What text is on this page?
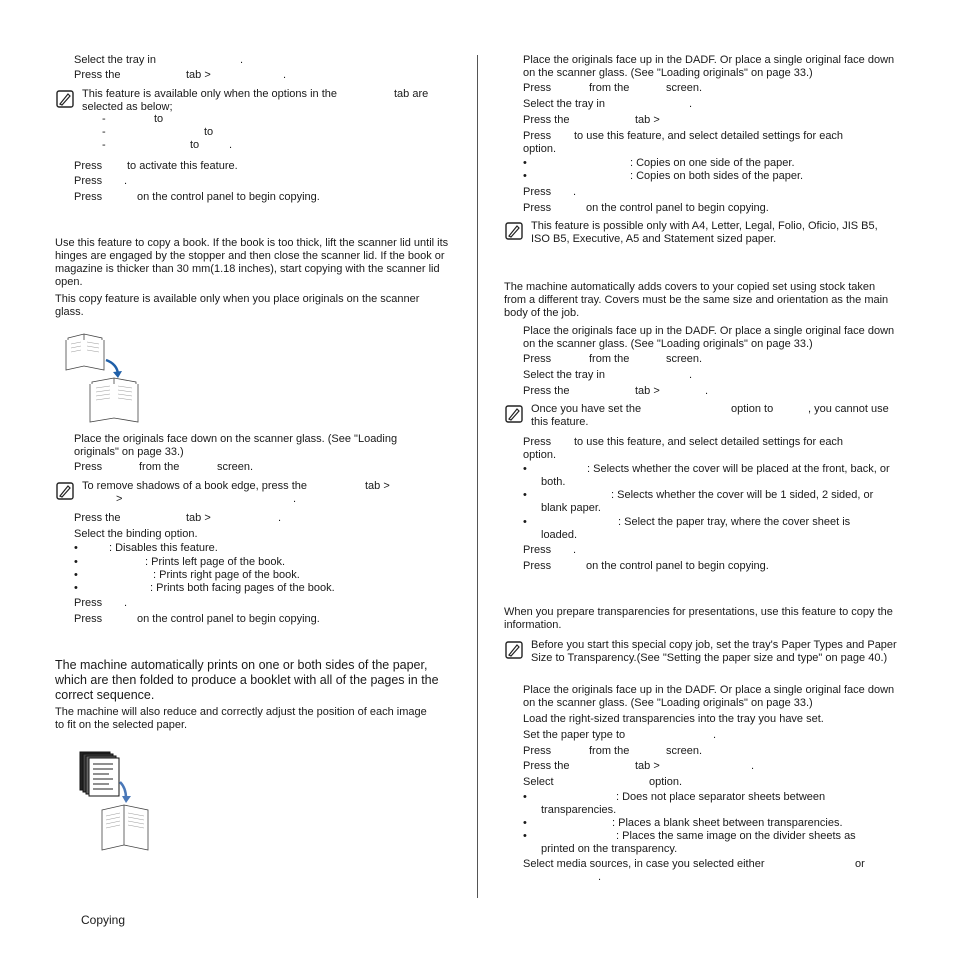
Select the tray in	.
Press the	tab >	.
This feature is available only when the options in the	tab are
selected as below;
-	to
-	to
-	to	.
Press to activate this feature.
Press .
Press	on the control panel to begin copying.
Use this feature to copy a book. If the book is too thick, lift the scanner lid until its hinges are engaged by the stopper and then close the scanner lid. If the book or magazine is thicker than 30 mm(1.18 inches), start copying with the scanner lid open.
This copy feature is available only when you place originals on the scanner glass.
Place the originals face down on the scanner glass. (See "Loading originals" on page 33.)
Press	from the	screen.
To remove shadows of a book edge, press the	tab >
>	.
Press the	tab >	.
Select the binding option.
•	: Disables this feature.
•	: Prints left page of the book.
•	: Prints right page of the book.
•	: Prints both facing pages of the book.
Press .
Press	on the control panel to begin copying.
The machine automatically prints on one or both sides of the paper, which are then folded to produce a booklet with all of the pages in the correct sequence.
The machine will also reduce and correctly adjust the position of each image to fit on the selected paper.
Place the originals face up in the DADF. Or place a single original face down on the scanner glass. (See "Loading originals" on page 33.)
Press	from the	screen.
Select the tray in	.
Press the	tab >
Press	to use this feature, and select detailed settings for each option.
•	: Copies on one side of the paper.
•	: Copies on both sides of the paper.
Press .
Press	on the control panel to begin copying.
This feature is possible only with A4, Letter, Legal, Folio, Oficio, JIS B5, ISO B5, Executive, A5 and Statement sized paper.
The machine automatically adds covers to your copied set using stock taken from a different tray. Covers must be the same size and orientation as the main body of the job.
Place the originals face up in the DADF. Or place a single original face down on the scanner glass. (See "Loading originals" on page 33.)
Press	from the	screen.
Select the tray in	.
Press the	tab >	.
Once you have set the	option to	, you cannot use
this feature.
Press	to use this feature, and select detailed settings for each option.
•	: Selects whether the cover will be placed at the front, back, or both.
•	: Selects whether the cover will be 1 sided, 2 sided, or blank paper.
•	: Select the paper tray, where the cover sheet is loaded.
Press .
Press	on the control panel to begin copying.
When you prepare transparencies for presentations, use this feature to copy the information.
Before you start this special copy job, set the tray's Paper Types and Paper Size to Transparency.(See "Setting the paper size and type" on page 40.)
Place the originals face up in the DADF. Or place a single original face down on the scanner glass. (See "Loading originals" on page 33.)
Load the right-sized transparencies into the tray you have set.
Set the paper type to	.
Press	from the	screen.
Press the	tab >	.
Select	option.
•	: Does not place separator sheets between transparencies.
•	: Places a blank sheet between transparencies.
•	: Places the same image on the divider sheets as printed on the transparency.
Select media sources, in case you selected either	or
.
Copying
